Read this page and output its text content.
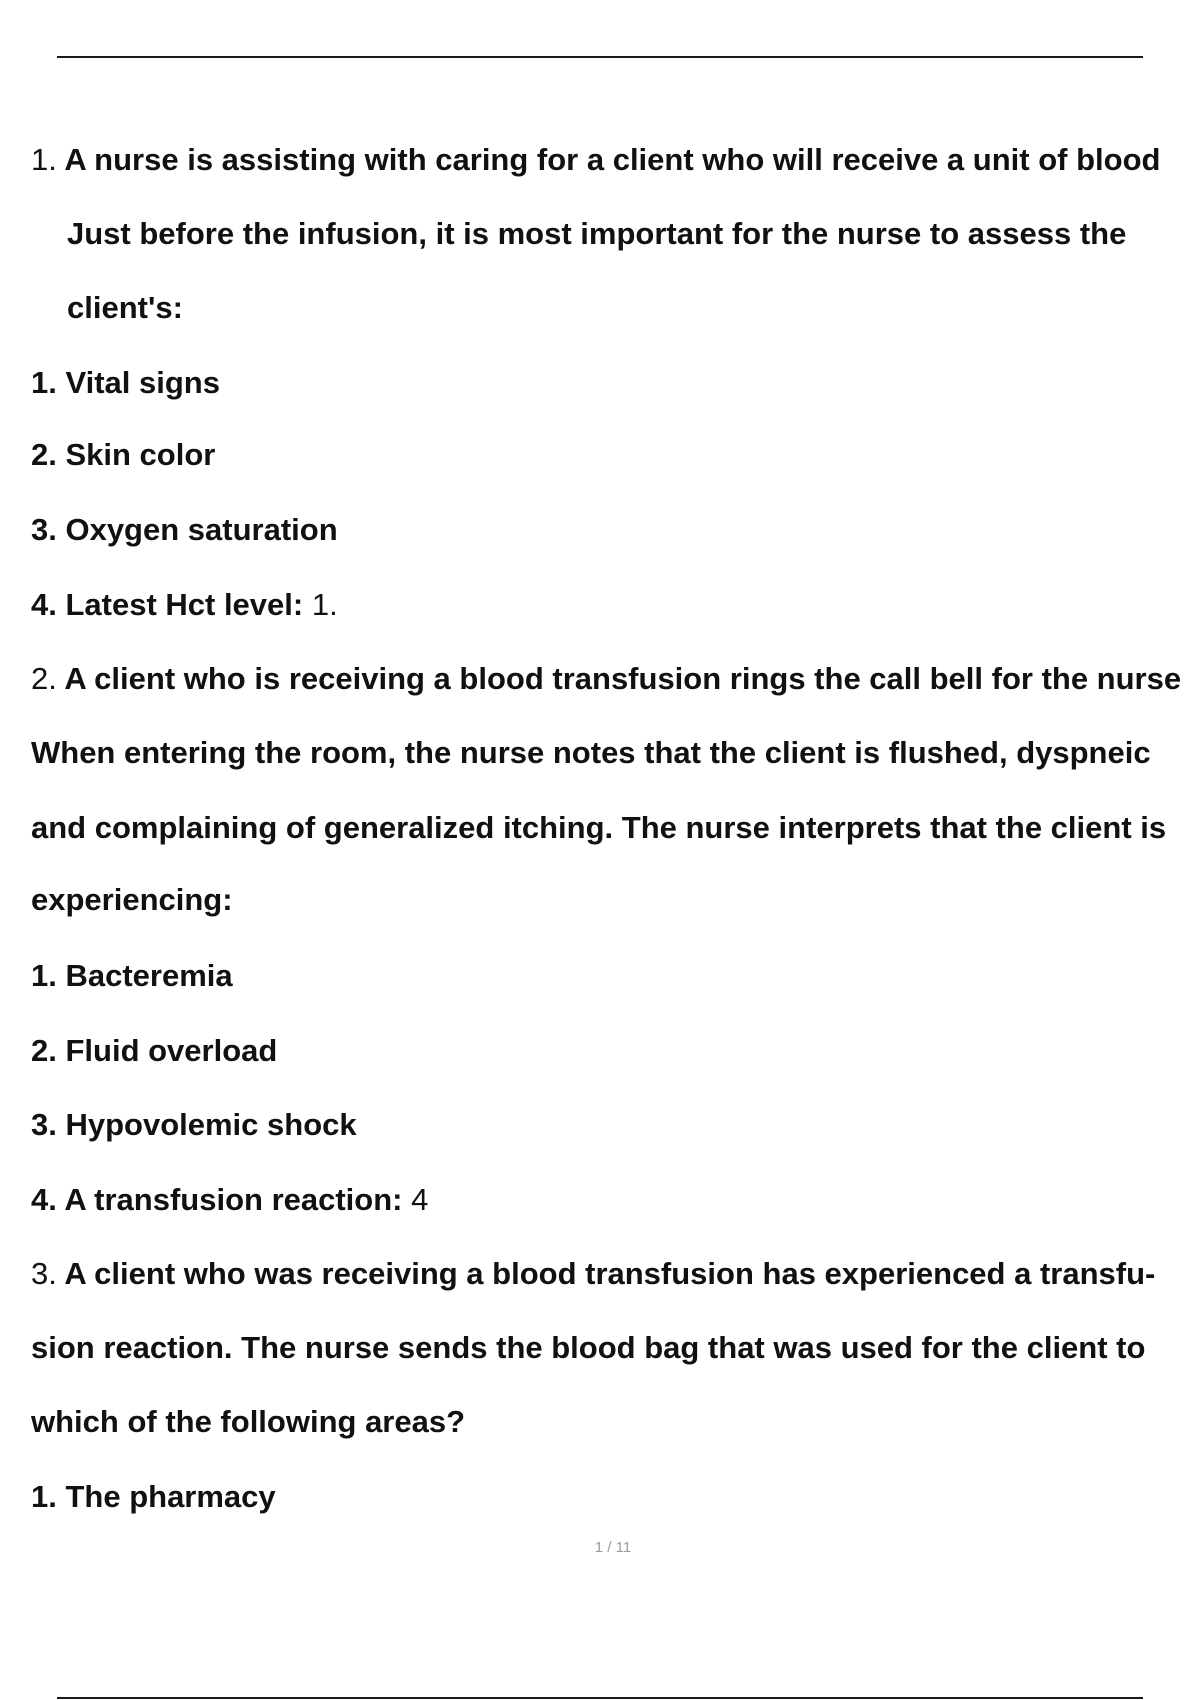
1. A nurse is assisting with caring for a client who will receive a unit of blood
Just before the infusion, it is most important for the nurse to assess the
client's:
1. Vital signs
2. Skin color
3. Oxygen saturation
4. Latest Hct level: 1.
2. A client who is receiving a blood transfusion rings the call bell for the nurse
When entering the room, the nurse notes that the client is flushed, dyspneic
and complaining of generalized itching. The nurse interprets that the client is
experiencing:
1. Bacteremia
2. Fluid overload
3. Hypovolemic shock
4. A transfusion reaction: 4
3. A client who was receiving a blood transfusion has experienced a transfu-
sion reaction. The nurse sends the blood bag that was used for the client to
which of the following areas?
1. The pharmacy
1 / 11
